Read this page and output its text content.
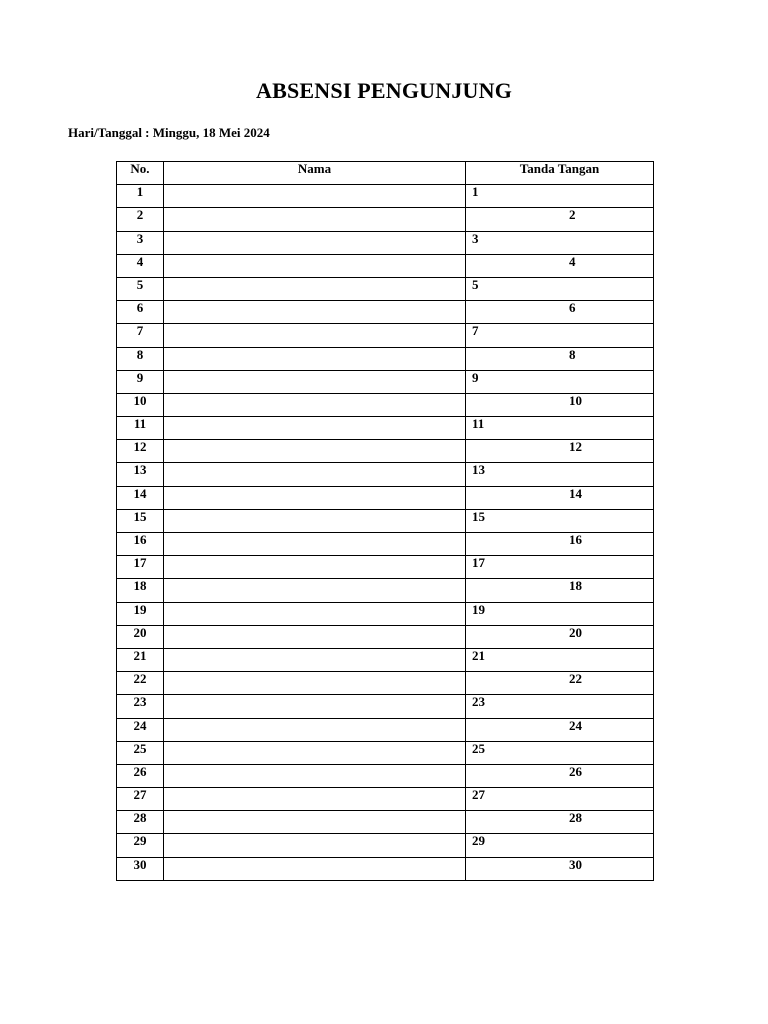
ABSENSI PENGUNJUNG
Hari/Tanggal : Minggu, 18 Mei 2024
No.	Nama	Tanda Tangan
1		1
2		2
3		3
4		4
5		5
6		6
7		7
8		8
9		9
10		10
11		11
12		12
13		13
14		14
15		15
16		16
17		17
18		18
19		19
20		20
21		21
22		22
23		23
24		24
25		25
26		26
27		27
28		28
29		29
30		30
